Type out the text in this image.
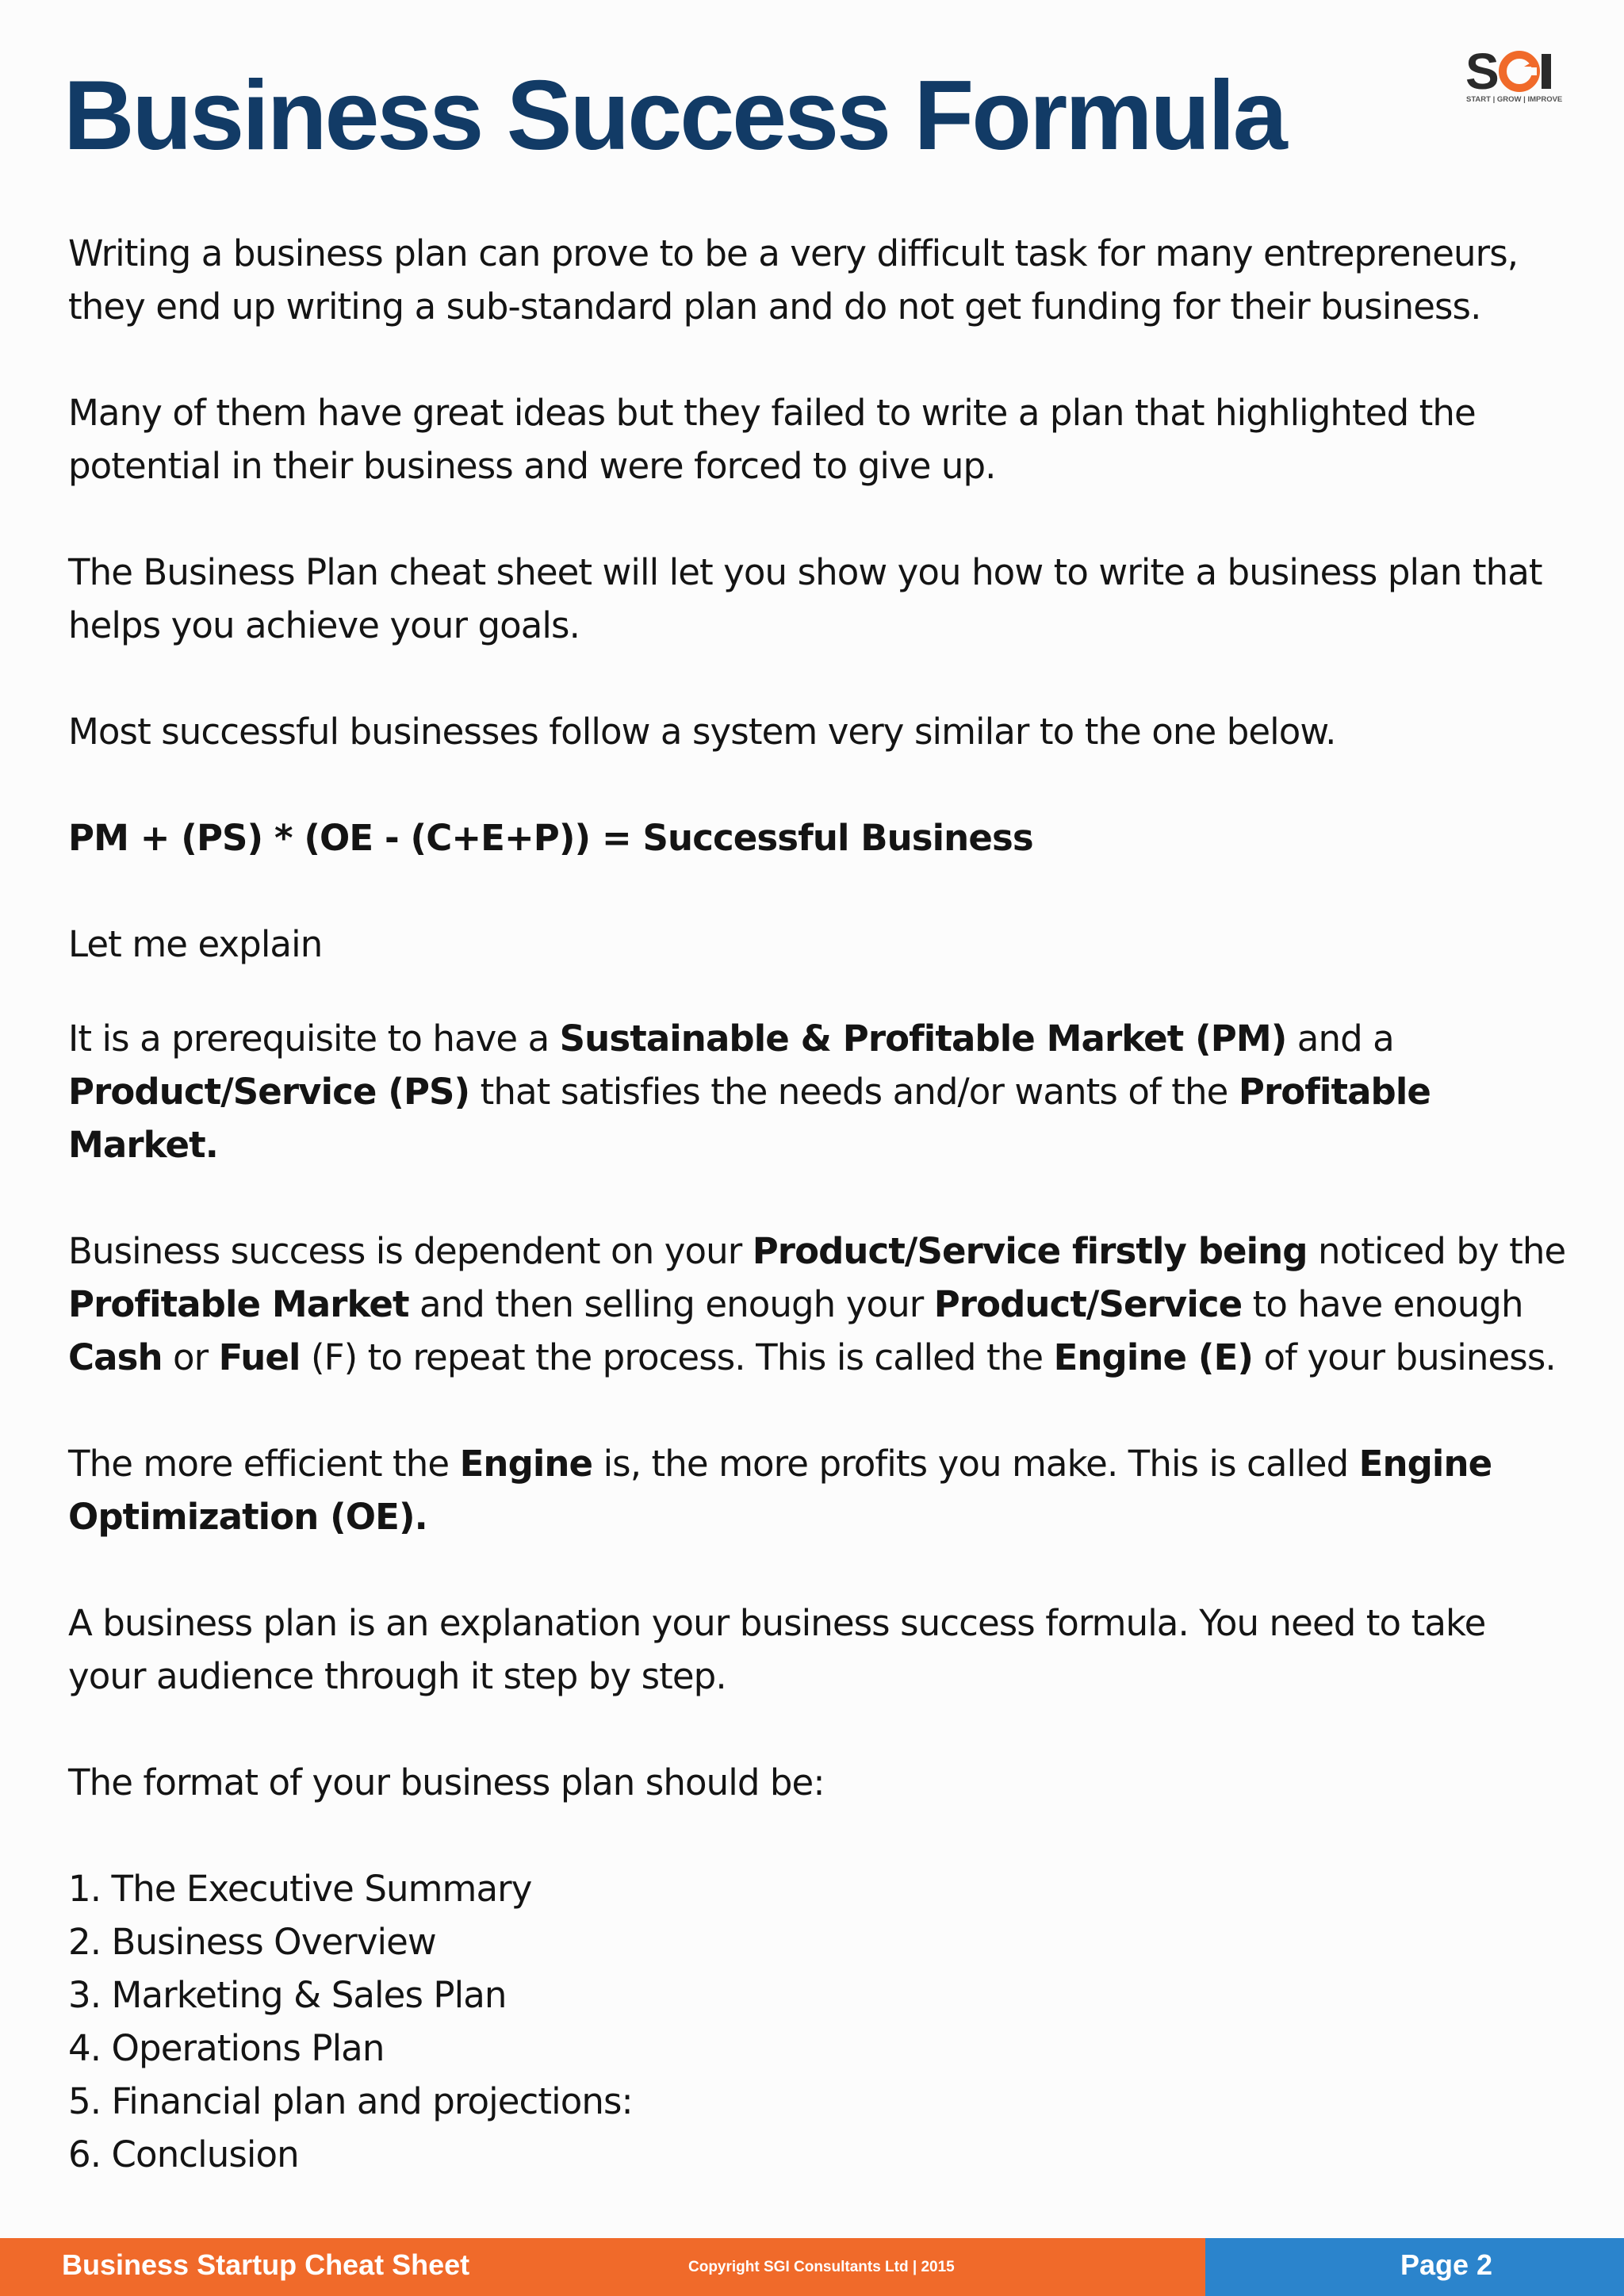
Business Success Formula	S
START | GROW | IMPROVE

Writing a business plan can prove to be a very difficult task for many entrepreneurs, they end up writing a sub-standard plan and do not get funding for their business.

Many of them have great ideas but they failed to write a plan that highlighted the potential in their business and were forced to give up.

The Business Plan cheat sheet will let you show you how to write a business plan that helps you achieve your goals.

Most successful businesses follow a system very similar to the one below.

PM + (PS) * (OE - (C+E+P)) = Successful Business

Let me explain

It is a prerequisite to have a Sustainable & Profitable Market (PM) and a Product/Service (PS) that satisfies the needs and/or wants of the Profitable Market.

Business success is dependent on your Product/Service firstly being noticed by the Profitable Market and then selling enough your Product/Service to have enough Cash or Fuel (F) to repeat the process. This is called the Engine (E) of your business.

The more efficient the Engine is, the more profits you make. This is called Engine Optimization (OE).

A business plan is an explanation your business success formula. You need to take your audience through it step by step.

The format of your business plan should be:

1. The Executive Summary
2. Business Overview
3. Marketing & Sales Plan
4. Operations Plan
5. Financial plan and projections:
6. Conclusion
Business Startup Cheat Sheet	Copyright SGI Consultants Ltd | 2015	Page 2
